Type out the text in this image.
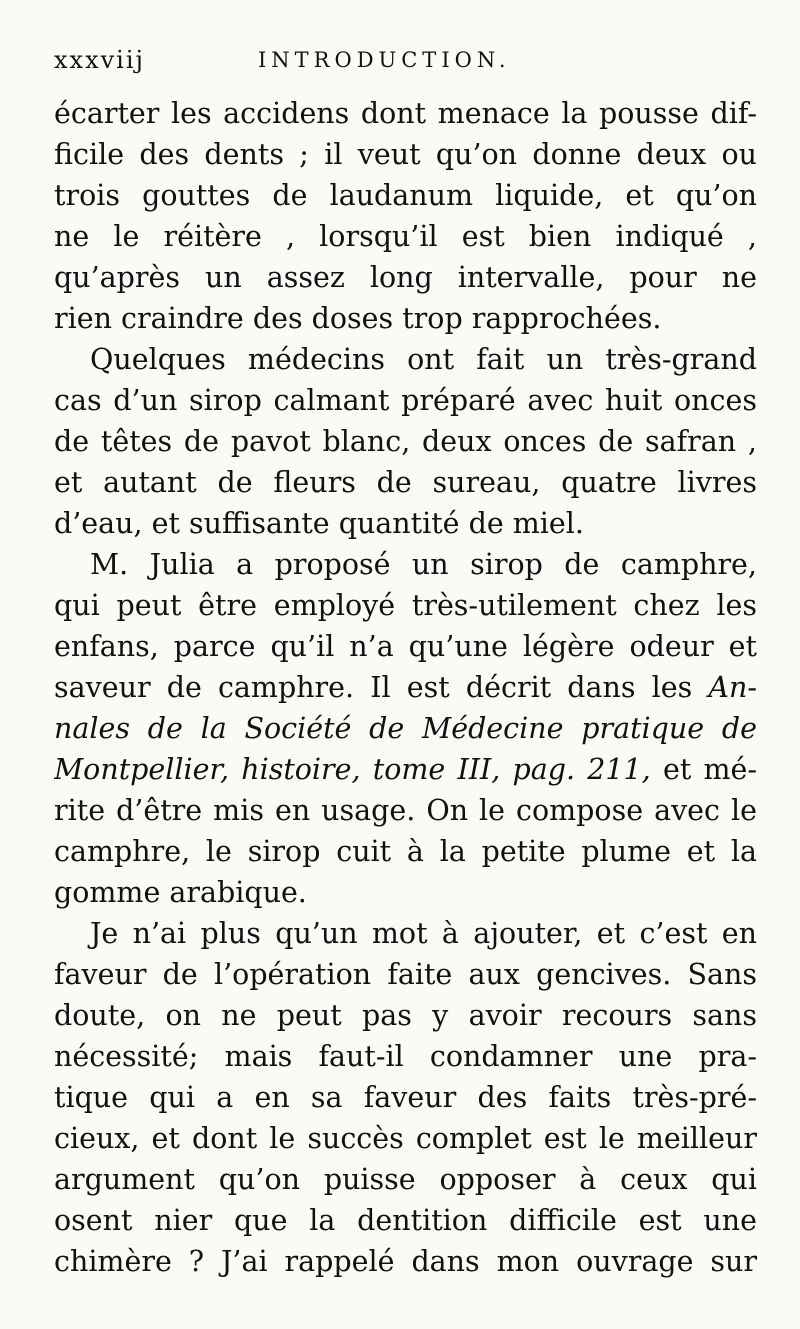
xxxviij	INTRODUCTION.
écarter les accidens dont menace la pousse dif-
ficile des dents ; il veut qu’on donne deux ou
trois gouttes de laudanum liquide, et qu’on
ne le réitère , lorsqu’il est bien indiqué ,
qu’après un assez long intervalle, pour ne
rien craindre des doses trop rapprochées.
Quelques médecins ont fait un très-grand
cas d’un sirop calmant préparé avec huit onces
de têtes de pavot blanc, deux onces de safran ,
et autant de fleurs de sureau, quatre livres
d’eau, et suffisante quantité de miel.
M. Julia a proposé un sirop de camphre,
qui peut être employé très-utilement chez les
enfans, parce qu’il n’a qu’une légère odeur et
saveur de camphre. Il est décrit dans les An-
nales de la Société de Médecine pratique de
Montpellier, histoire, tome III, pag. 211, et mé-
rite d’être mis en usage. On le compose avec le
camphre, le sirop cuit à la petite plume et la
gomme arabique.
Je n’ai plus qu’un mot à ajouter, et c’est en
faveur de l’opération faite aux gencives. Sans
doute, on ne peut pas y avoir recours sans
nécessité; mais faut-il condamner une pra-
tique qui a en sa faveur des faits très-pré-
cieux, et dont le succès complet est le meilleur
argument qu’on puisse opposer à ceux qui
osent nier que la dentition difficile est une
chimère ? J’ai rappelé dans mon ouvrage sur
